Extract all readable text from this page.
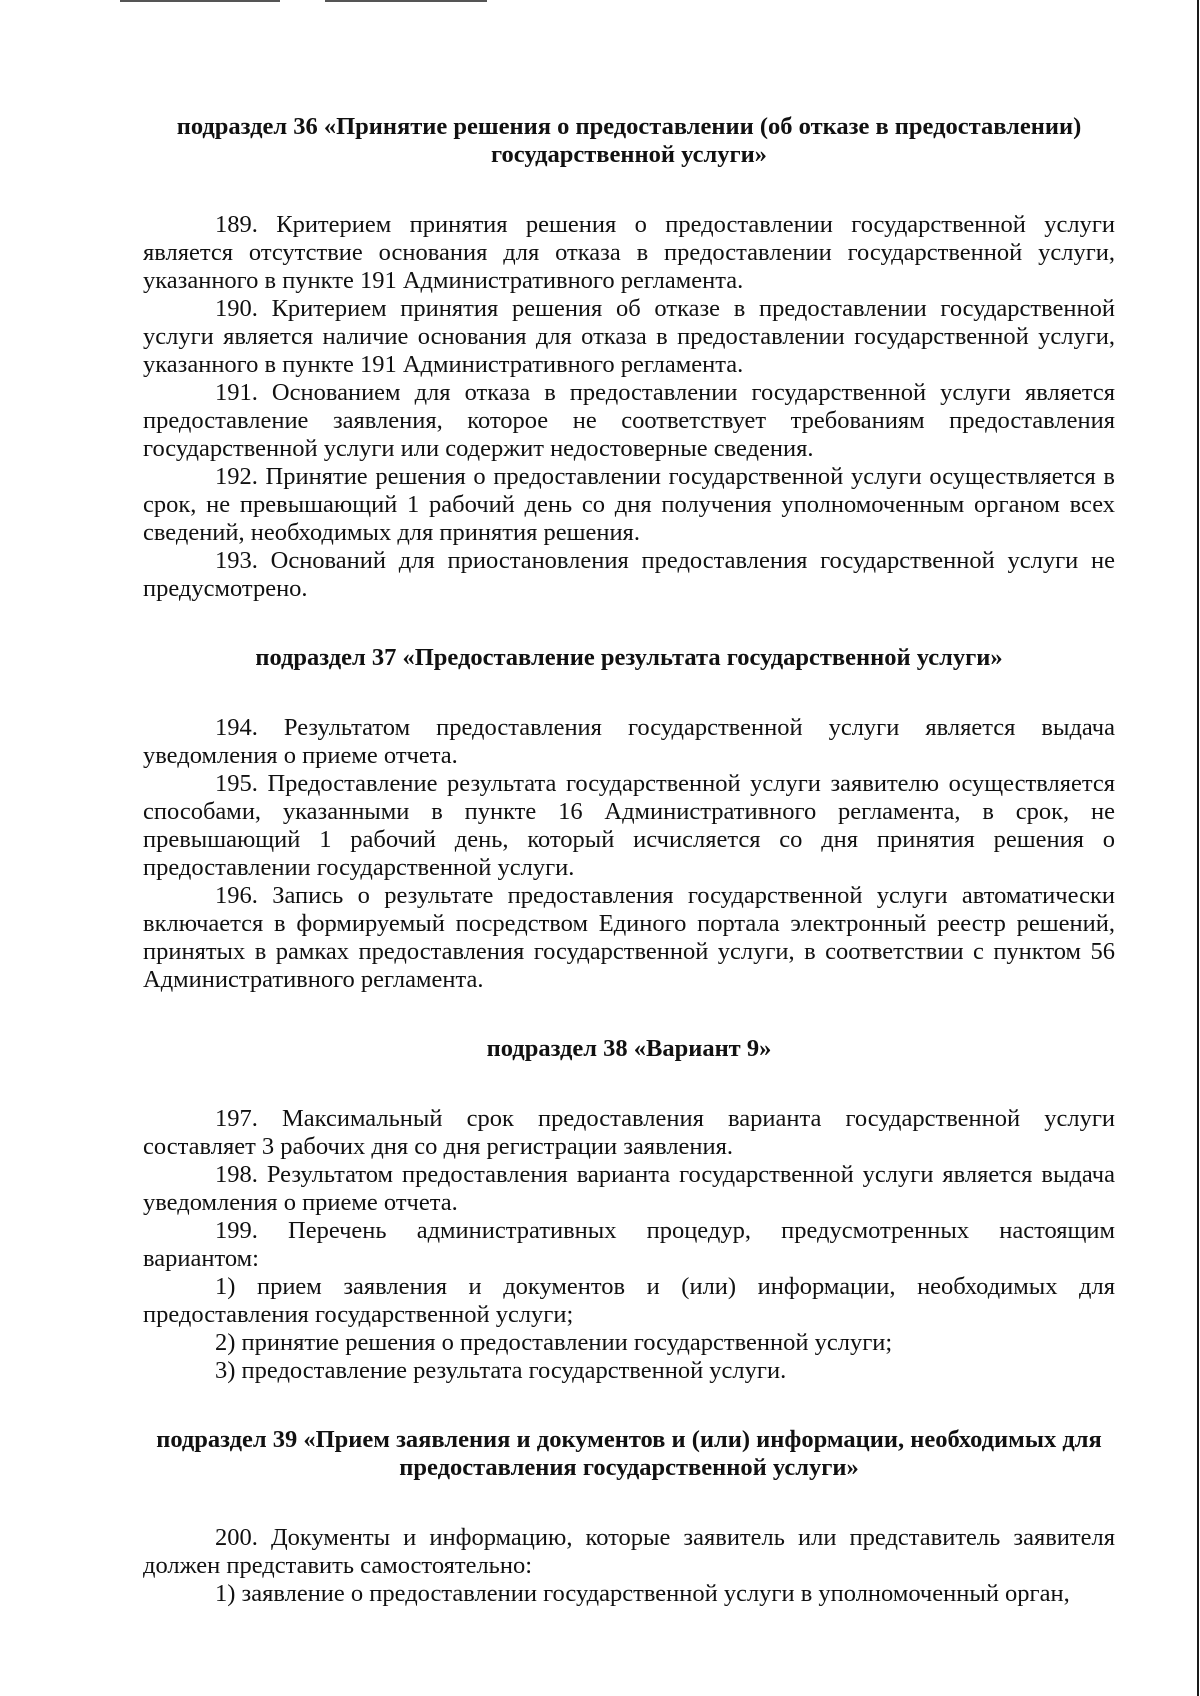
подраздел 36 «Принятие решения о предоставлении (об отказе в предоставлении)
государственной услуги»

189. Критерием принятия решения о предоставлении государственной услуги является отсутствие основания для отказа в предоставлении государственной услуги, указанного в пункте 191 Административного регламента.

190. Критерием принятия решения об отказе в предоставлении государственной услуги является наличие основания для отказа в предоставлении государственной услуги, указанного в пункте 191 Административного регламента.

191. Основанием для отказа в предоставлении государственной услуги является предоставление заявления, которое не соответствует требованиям предоставления государственной услуги или содержит недостоверные сведения.

192. Принятие решения о предоставлении государственной услуги осуществляется в срок, не превышающий 1 рабочий день со дня получения уполномоченным органом всех сведений, необходимых для принятия решения.

193. Оснований для приостановления предоставления государственной услуги не предусмотрено.

подраздел 37 «Предоставление результата государственной услуги»

194. Результатом предоставления государственной услуги является выдача уведомления о приеме отчета.

195. Предоставление результата государственной услуги заявителю осуществляется способами, указанными в пункте 16 Административного регламента, в срок, не превышающий 1 рабочий день, который исчисляется со дня принятия решения о предоставлении государственной услуги.

196. Запись о результате предоставления государственной услуги автоматически включается в формируемый посредством Единого портала электронный реестр решений, принятых в рамках предоставления государственной услуги, в соответствии с пунктом 56 Административного регламента.

подраздел 38 «Вариант 9»

197. Максимальный срок предоставления варианта государственной услуги составляет 3 рабочих дня со дня регистрации заявления.

198. Результатом предоставления варианта государственной услуги является выдача уведомления о приеме отчета.

199. Перечень административных процедур, предусмотренных настоящим вариантом:

1) прием заявления и документов и (или) информации, необходимых для предоставления государственной услуги;

2) принятие решения о предоставлении государственной услуги;

3) предоставление результата государственной услуги.

подраздел 39 «Прием заявления и документов и (или) информации, необходимых для
предоставления государственной услуги»

200. Документы и информацию, которые заявитель или представитель заявителя должен представить самостоятельно:

1) заявление о предоставлении государственной услуги в уполномоченный орган,
